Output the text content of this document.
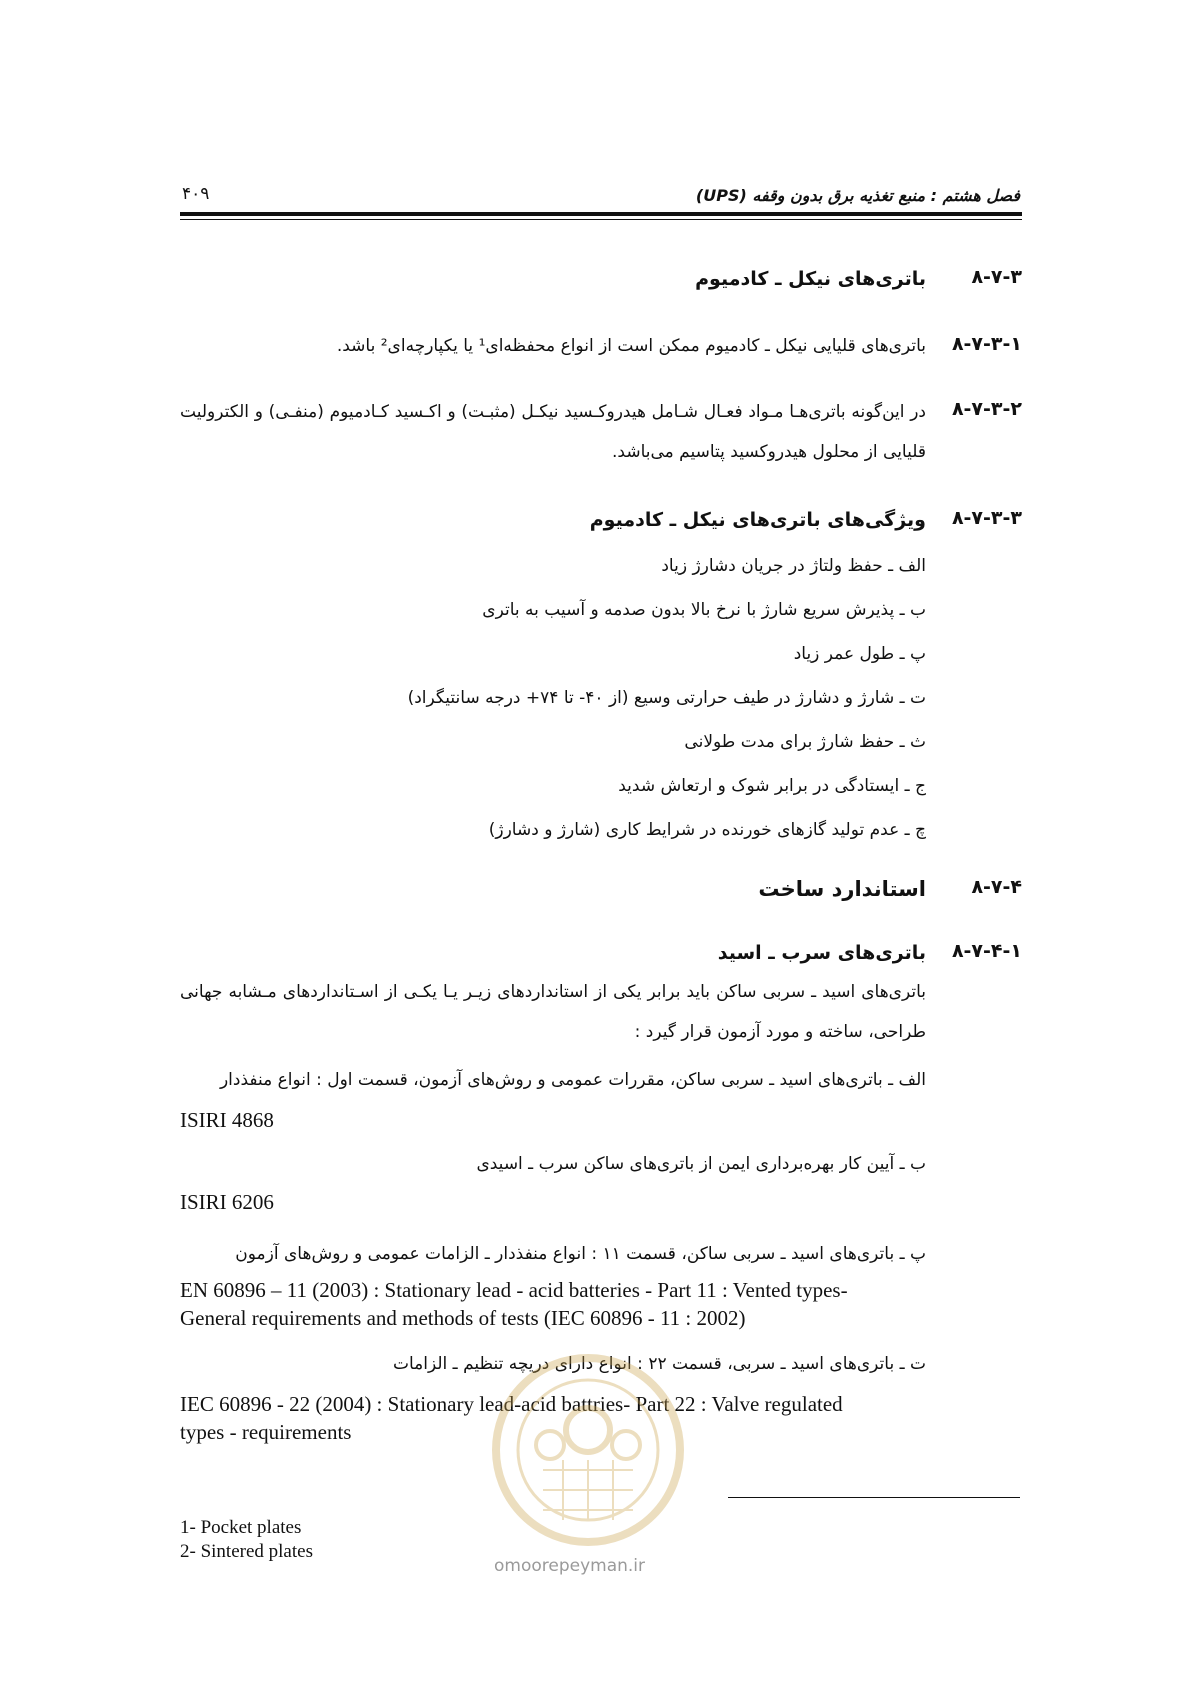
فصل هشتم : منبع تغذیه برق بدون وقفه (UPS)
۴۰۹
۸-۷-۳
باتری‌های نیکل ـ کادمیوم
۸-۷-۳-۱
باتری‌های قلیایی نیکل ـ کادمیوم ممکن است از انواع محفظه‌ای¹ یا یکپارچه‌ای² باشد.
۸-۷-۳-۲
در این‌گونه باتری‌هـا مـواد فعـال شـامل هیدروکـسید نیکـل (مثبـت) و اکـسید کـادمیوم (منفـی) و الکترولیت قلیایی از محلول هیدروکسید پتاسیم می‌باشد.
۸-۷-۳-۳
ویژگی‌های باتری‌های نیکل ـ کادمیوم
الف ـ حفظ ولتاژ در جریان دشارژ زیاد
ب ـ پذیرش سریع شارژ با نرخ بالا بدون صدمه و آسیب به باتری
پ ـ طول عمر زیاد
ت ـ شارژ و دشارژ در طیف حرارتی وسیع (از ۴۰- تا ۷۴+ درجه سانتیگراد)
ث ـ حفظ شارژ برای مدت طولانی
ج ـ ایستادگی در برابر شوک و ارتعاش شدید
چ ـ عدم تولید گازهای خورنده در شرایط کاری (شارژ و دشارژ)
۸-۷-۴
استاندارد ساخت
۸-۷-۴-۱
باتری‌های سرب ـ اسید
باتری‌های اسید ـ سربی ساکن باید برابر یکی از استانداردهای زیـر یـا یکـی از اسـتانداردهای مـشابه جهانی طراحی، ساخته و مورد آزمون قرار گیرد :
الف ـ باتری‌های اسید ـ سربی ساکن، مقررات عمومی و روش‌های آزمون، قسمت اول : انواع منفذدار
ISIRI 4868
ب ـ آیین کار بهره‌برداری ایمن از باتری‌های ساکن سرب ـ اسیدی
ISIRI 6206
پ ـ باتری‌های اسید ـ سربی ساکن، قسمت ۱۱ : انواع منفذدار ـ الزامات عمومی و روش‌های آزمون
EN 60896 – 11 (2003) : Stationary lead - acid batteries - Part 11 : Vented types-
General requirements and methods of tests (IEC 60896 - 11 : 2002)
ت ـ باتری‌های اسید ـ سربی، قسمت ۲۲ : انواع دارای دریچه تنظیم ـ الزامات
IEC 60896 - 22 (2004) : Stationary lead-acid battries- Part 22 : Valve regulated
types - requirements
1- Pocket plates
2- Sintered plates
omoorepeyman.ir
